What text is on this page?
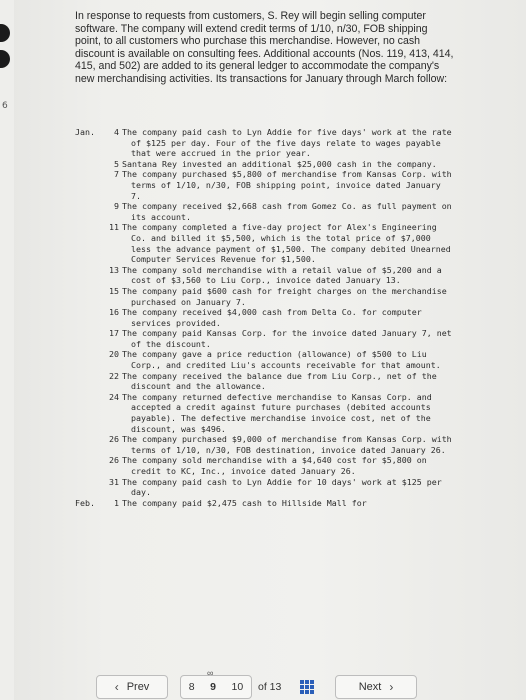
6
In response to requests from customers, S. Rey will begin selling computer software. The company will extend credit terms of 1/10, n/30, FOB shipping point, to all customers who purchase this merchandise. However, no cash discount is available on consulting fees. Additional accounts (Nos. 119, 413, 414, 415, and 502) are added to its general ledger to accommodate the company's new merchandising activities. Its transactions for January through March follow:
Jan.	4 The company paid cash to Lyn Addie for five days' work at the rate of $125 per day. Four of the five days relate to wages payable that were accrued in the prior year.
5 Santana Rey invested an additional $25,000 cash in the company.
7 The company purchased $5,800 of merchandise from Kansas Corp. with terms of 1/10, n/30, FOB shipping point, invoice dated January 7.
9 The company received $2,668 cash from Gomez Co. as full payment on its account.
11 The company completed a five-day project for Alex's Engineering Co. and billed it $5,500, which is the total price of $7,000 less the advance payment of $1,500. The company debited Unearned Computer Services Revenue for $1,500.
13 The company sold merchandise with a retail value of $5,200 and a cost of $3,560 to Liu Corp., invoice dated January 13.
15 The company paid $600 cash for freight charges on the merchandise purchased on January 7.
16 The company received $4,000 cash from Delta Co. for computer services provided.
17 The company paid Kansas Corp. for the invoice dated January 7, net of the discount.
20 The company gave a price reduction (allowance) of $500 to Liu Corp., and credited Liu's accounts receivable for that amount.
22 The company received the balance due from Liu Corp., net of the discount and the allowance.
24 The company returned defective merchandise to Kansas Corp. and accepted a credit against future purchases (debited accounts payable). The defective merchandise invoice cost, net of the discount, was $496.
26 The company purchased $9,000 of merchandise from Kansas Corp. with terms of 1/10, n/30, FOB destination, invoice dated January 26.
26 The company sold merchandise with a $4,640 cost for $5,800 on credit to KC, Inc., invoice dated January 26.
31 The company paid cash to Lyn Addie for 10 days' work at $125 per day.
Feb.	1 The company paid $2,475 cash to Hillside Mall for
‹ Prev	8 9 10
∞
of 13	Next ›
